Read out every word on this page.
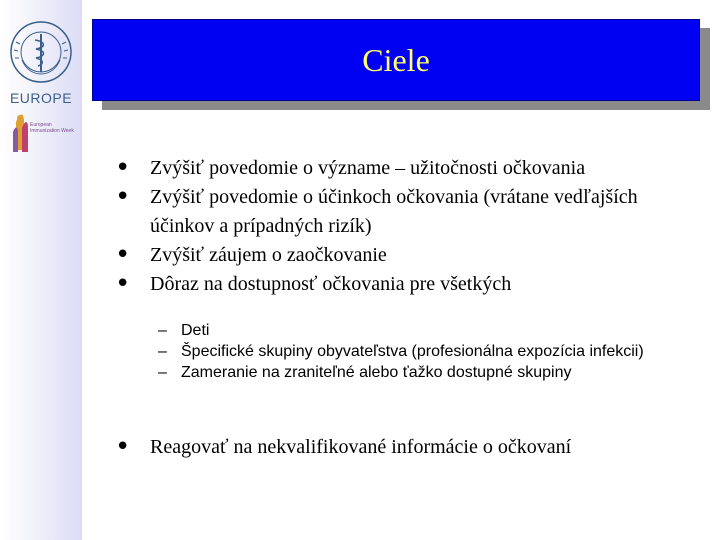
EUROPE
European Immunization Week
Ciele
• Zvýšiť povedomie o význame – užitočnosti očkovania
• Zvýšiť povedomie o účinkoch očkovania (vrátane vedľajších účinkov a prípadných rizík)
• Zvýšiť záujem o zaočkovanie
• Dôraz na dostupnosť očkovania pre všetkých
– Deti
– Špecifické skupiny obyvateľstva (profesionálna expozícia infekcii)
– Zameranie na zraniteľné alebo ťažko dostupné skupiny
• Reagovať na nekvalifikované informácie o očkovaní
